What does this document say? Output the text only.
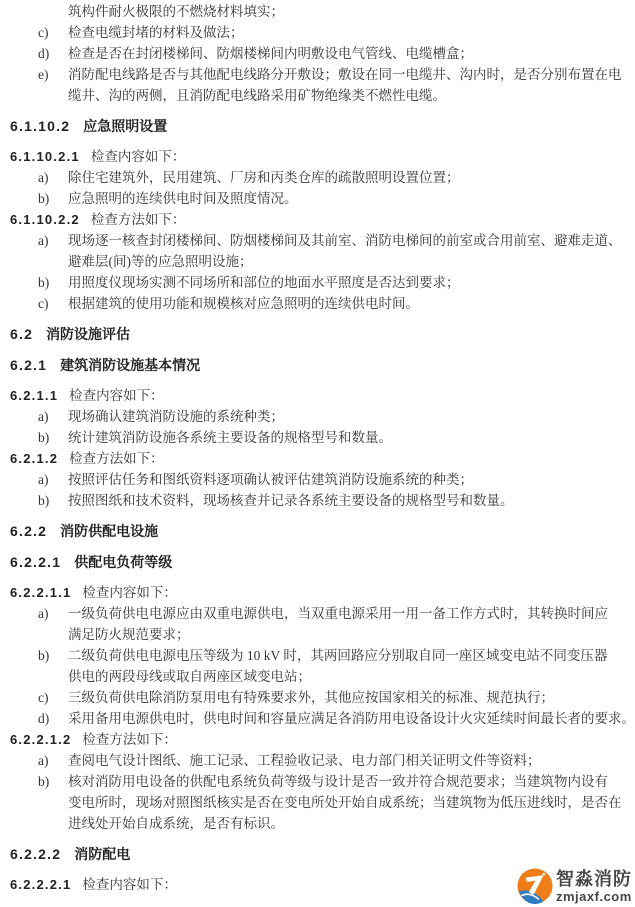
筑构件耐火极限的不燃烧材料填实；
c)	检查电缆封堵的材料及做法；
d)	检查是否在封闭楼梯间、防烟楼梯间内明敷设电气管线、电缆槽盒；
e)	消防配电线路是否与其他配电线路分开敷设；敷设在同一电缆井、沟内时，是否分别布置在电
缆井、沟的两侧，且消防配电线路采用矿物绝缘类不燃性电缆。
6.1.10.2 应急照明设置
6.1.10.2.1 检查内容如下：
a)	除住宅建筑外，民用建筑、厂房和丙类仓库的疏散照明设置位置；
b)	应急照明的连续供电时间及照度情况。
6.1.10.2.2 检查方法如下：
a)	现场逐一核查封闭楼梯间、防烟楼梯间及其前室、消防电梯间的前室或合用前室、避难走道、
避难层(间)等的应急照明设施；
b)	用照度仪现场实测不同场所和部位的地面水平照度是否达到要求；
c)	根据建筑的使用功能和规模核对应急照明的连续供电时间。
6.2 消防设施评估
6.2.1 建筑消防设施基本情况
6.2.1.1 检查内容如下：
a)	现场确认建筑消防设施的系统种类；
b)	统计建筑消防设施各系统主要设备的规格型号和数量。
6.2.1.2 检查方法如下：
a)	按照评估任务和图纸资料逐项确认被评估建筑消防设施系统的种类；
b)	按照图纸和技术资料，现场核查并记录各系统主要设备的规格型号和数量。
6.2.2 消防供配电设施
6.2.2.1 供配电负荷等级
6.2.2.1.1 检查内容如下：
a)	一级负荷供电电源应由双重电源供电，当双重电源采用一用一备工作方式时，其转换时间应
满足防火规范要求；
b)	二级负荷供电电源电压等级为 10 kV 时，其两回路应分别取自同一座区域变电站不同变压器
供电的两段母线或取自两座区域变电站；
c)	三级负荷供电除消防泵用电有特殊要求外，其他应按国家相关的标准、规范执行；
d)	采用备用电源供电时，供电时间和容量应满足各消防用电设备设计火灾延续时间最长者的要求。
6.2.2.1.2 检查方法如下：
a)	查阅电气设计图纸、施工记录、工程验收记录、电力部门相关证明文件等资料；
b)	核对消防用电设备的供配电系统负荷等级与设计是否一致并符合规范要求；当建筑物内设有
变电所时，现场对照图纸核实是否在变电所处开始自成系统；当建筑物为低压进线时，是否在
进线处开始自成系统，是否有标识。
6.2.2.2 消防配电
6.2.2.2.1 检查内容如下：	智淼消防
zmjaxf.com
